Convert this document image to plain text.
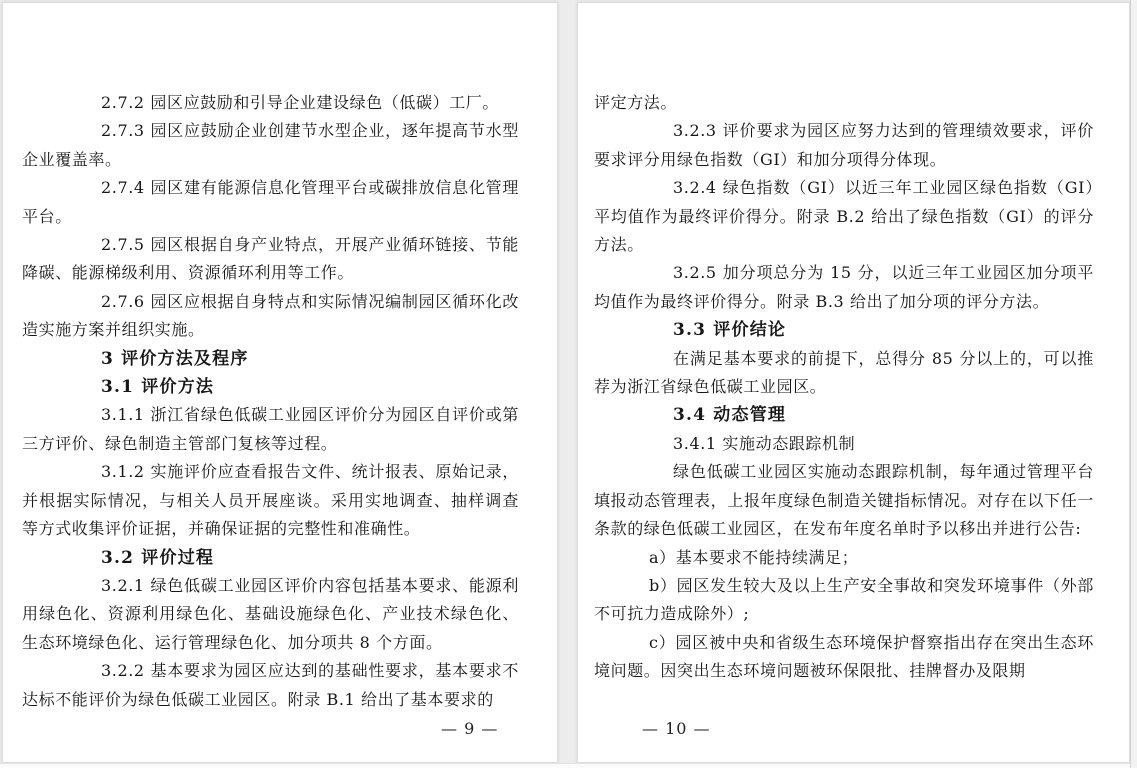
2.7.2 园区应鼓励和引导企业建设绿色（低碳）工厂。

2.7.3 园区应鼓励企业创建节水型企业，逐年提高节水型企业覆盖率。

2.7.4 园区建有能源信息化管理平台或碳排放信息化管理平台。

2.7.5 园区根据自身产业特点，开展产业循环链接、节能降碳、能源梯级利用、资源循环利用等工作。

2.7.6 园区应根据自身特点和实际情况编制园区循环化改造实施方案并组织实施。

3 评价方法及程序

3.1 评价方法

3.1.1 浙江省绿色低碳工业园区评价分为园区自评价或第三方评价、绿色制造主管部门复核等过程。

3.1.2 实施评价应查看报告文件、统计报表、原始记录，并根据实际情况，与相关人员开展座谈。采用实地调查、抽样调查等方式收集评价证据，并确保证据的完整性和准确性。

3.2 评价过程

3.2.1 绿色低碳工业园区评价内容包括基本要求、能源利用绿色化、资源利用绿色化、基础设施绿色化、产业技术绿色化、生态环境绿色化、运行管理绿色化、加分项共 8 个方面。

3.2.2 基本要求为园区应达到的基础性要求，基本要求不达标不能评价为绿色低碳工业园区。附录 B.1 给出了基本要求的

— 9 —

评定方法。

3.2.3 评价要求为园区应努力达到的管理绩效要求，评价要求评分用绿色指数（GI）和加分项得分体现。

3.2.4 绿色指数（GI）以近三年工业园区绿色指数（GI）平均值作为最终评价得分。附录 B.2 给出了绿色指数（GI）的评分方法。

3.2.5 加分项总分为 15 分，以近三年工业园区加分项平均值作为最终评价得分。附录 B.3 给出了加分项的评分方法。

3.3 评价结论

在满足基本要求的前提下，总得分 85 分以上的，可以推荐为浙江省绿色低碳工业园区。

3.4 动态管理

3.4.1 实施动态跟踪机制

绿色低碳工业园区实施动态跟踪机制，每年通过管理平台填报动态管理表，上报年度绿色制造关键指标情况。对存在以下任一条款的绿色低碳工业园区，在发布年度名单时予以移出并进行公告:

a）基本要求不能持续满足；

b）园区发生较大及以上生产安全事故和突发环境事件（外部不可抗力造成除外）;

c）园区被中央和省级生态环境保护督察指出存在突出生态环境问题。因突出生态环境问题被环保限批、挂牌督办及限期

— 10 —
